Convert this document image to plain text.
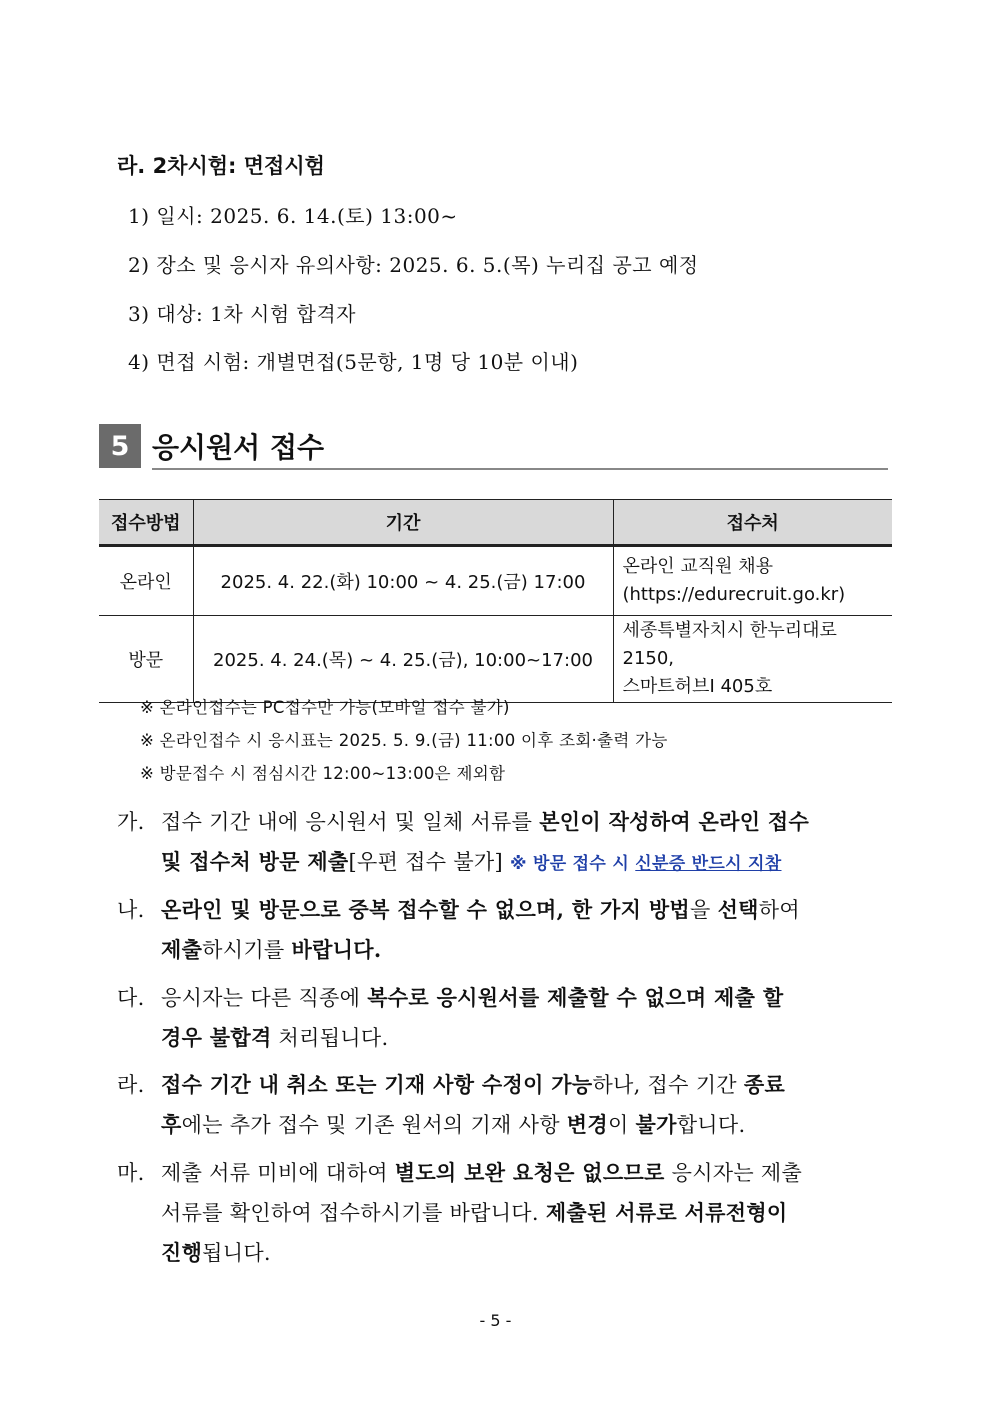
라. 2차시험: 면접시험
1) 일시: 2025. 6. 14.(토) 13:00~
2) 장소 및 응시자 유의사항: 2025. 6. 5.(목) 누리집 공고 예정
3) 대상: 1차 시험 합격자
4) 면접 시험: 개별면접(5문항, 1명 당 10분 이내)
5 응시원서 접수
접수방법	기간	접수처
온라인	2025. 4. 22.(화) 10:00 ~ 4. 25.(금) 17:00	온라인 교직원 채용
(https://edurecruit.go.kr)

방문	2025. 4. 24.(목) ~ 4. 25.(금), 10:00~17:00	세종특별자치시 한누리대로 2150,
스마트허브Ⅰ 405호
※ 온라인접수는 PC접수만 가능(모바일 접수 불가)
※ 온라인접수 시 응시표는 2025. 5. 9.(금) 11:00 이후 조회·출력 가능
※ 방문접수 시 점심시간 12:00~13:00은 제외함
가. 접수 기간 내에 응시원서 및 일체 서류를 본인이 작성하여 온라인 접수
및 접수처 방문 제출[우편 접수 불가] ※ 방문 접수 시 신분증 반드시 지참
나. 온라인 및 방문으로 중복 접수할 수 없으며, 한 가지 방법을 선택하여
제출하시기를 바랍니다.
다. 응시자는 다른 직종에 복수로 응시원서를 제출할 수 없으며 제출 할
경우 불합격 처리됩니다.
라. 접수 기간 내 취소 또는 기재 사항 수정이 가능하나, 접수 기간 종료
후에는 추가 접수 및 기존 원서의 기재 사항 변경이 불가합니다.
마. 제출 서류 미비에 대하여 별도의 보완 요청은 없으므로 응시자는 제출
서류를 확인하여 접수하시기를 바랍니다. 제출된 서류로 서류전형이
진행됩니다.
- 5 -
